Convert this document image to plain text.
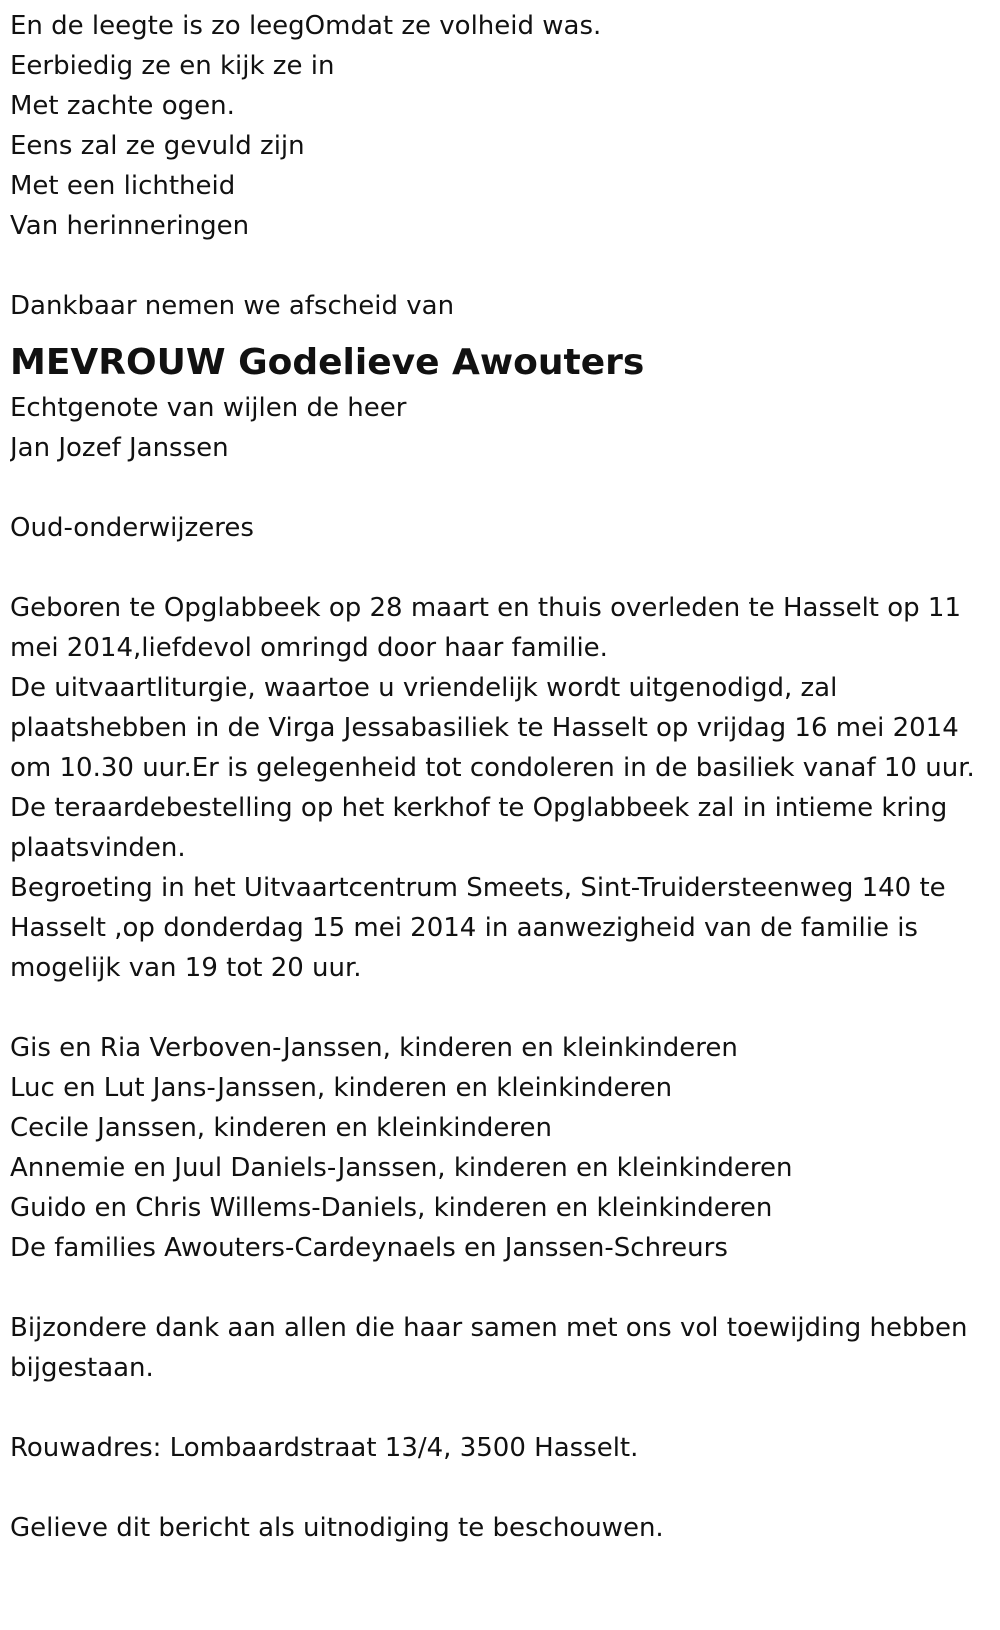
En de leegte is zo leegOmdat ze volheid was.
Eerbiedig ze en kijk ze in
Met zachte ogen.
Eens zal ze gevuld zijn
Met een lichtheid
Van herinneringen
Dankbaar nemen we afscheid van
MEVROUW Godelieve Awouters
Echtgenote van wijlen de heer
Jan Jozef Janssen
Oud-onderwijzeres

Geboren te Opglabbeek op 28 maart en thuis overleden te Hasselt op 11 mei 2014,liefdevol omringd door haar familie.

De uitvaartliturgie, waartoe u vriendelijk wordt uitgenodigd, zal plaatshebben in de Virga Jessabasiliek te Hasselt op vrijdag 16 mei 2014 om 10.30 uur.Er is gelegenheid tot condoleren in de basiliek vanaf 10 uur.

De teraardebestelling op het kerkhof te Opglabbeek zal in intieme kring plaatsvinden.

Begroeting in het Uitvaartcentrum Smeets, Sint-Truidersteenweg 140 te Hasselt ,op donderdag 15 mei 2014 in aanwezigheid van de familie is mogelijk van 19 tot 20 uur.

Gis en Ria Verboven-Janssen, kinderen en kleinkinderen
Luc en Lut Jans-Janssen, kinderen en kleinkinderen
Cecile Janssen, kinderen en kleinkinderen
Annemie en Juul Daniels-Janssen, kinderen en kleinkinderen
Guido en Chris Willems-Daniels, kinderen en kleinkinderen
De families Awouters-Cardeynaels en Janssen-Schreurs

Bijzondere dank aan allen die haar samen met ons vol toewijding hebben bijgestaan.

Rouwadres: Lombaardstraat 13/4, 3500 Hasselt.
Gelieve dit bericht als uitnodiging te beschouwen.
